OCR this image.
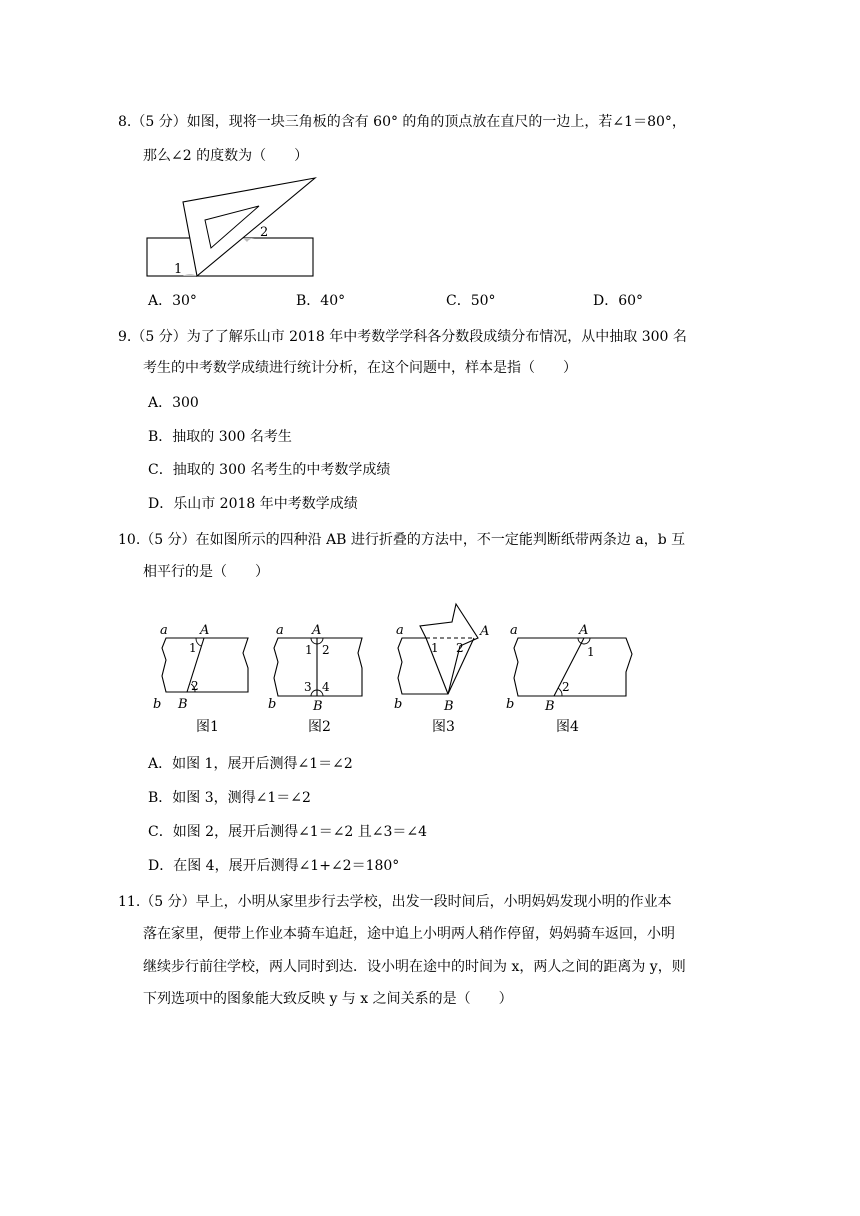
8.（5 分）如图，现将一块三角板的含有 60° 的角的顶点放在直尺的一边上，若∠1＝80°，
那么∠2 的度数为（　　）
1
2
A．30°	B．40°	C．50°	D．60°
9.（5 分）为了了解乐山市 2018 年中考数学学科各分数段成绩分布情况，从中抽取 300 名
考生的中考数学成绩进行统计分析，在这个问题中，样本是指（　　）
A．300
B．抽取的 300 名考生
C．抽取的 300 名考生的中考数学成绩
D．乐山市 2018 年中考数学成绩
10.（5 分）在如图所示的四种沿 AB 进行折叠的方法中，不一定能判断纸带两条边 a，b 互
相平行的是（　　）
a A
1
2
b B
图1
a A
1 2
3 4
b	B
图2
a	A
1 2
b	B
图3
a	A
1
2
b B
图4
A．如图 1，展开后测得∠1＝∠2
B．如图 3，测得∠1＝∠2
C．如图 2，展开后测得∠1＝∠2 且∠3＝∠4
D．在图 4，展开后测得∠1+∠2＝180°
11.（5 分）早上，小明从家里步行去学校，出发一段时间后，小明妈妈发现小明的作业本
落在家里，便带上作业本骑车追赶，途中追上小明两人稍作停留，妈妈骑车返回，小明
继续步行前往学校，两人同时到达．设小明在途中的时间为 x，两人之间的距离为 y，则
下列选项中的图象能大致反映 y 与 x 之间关系的是（　　）
